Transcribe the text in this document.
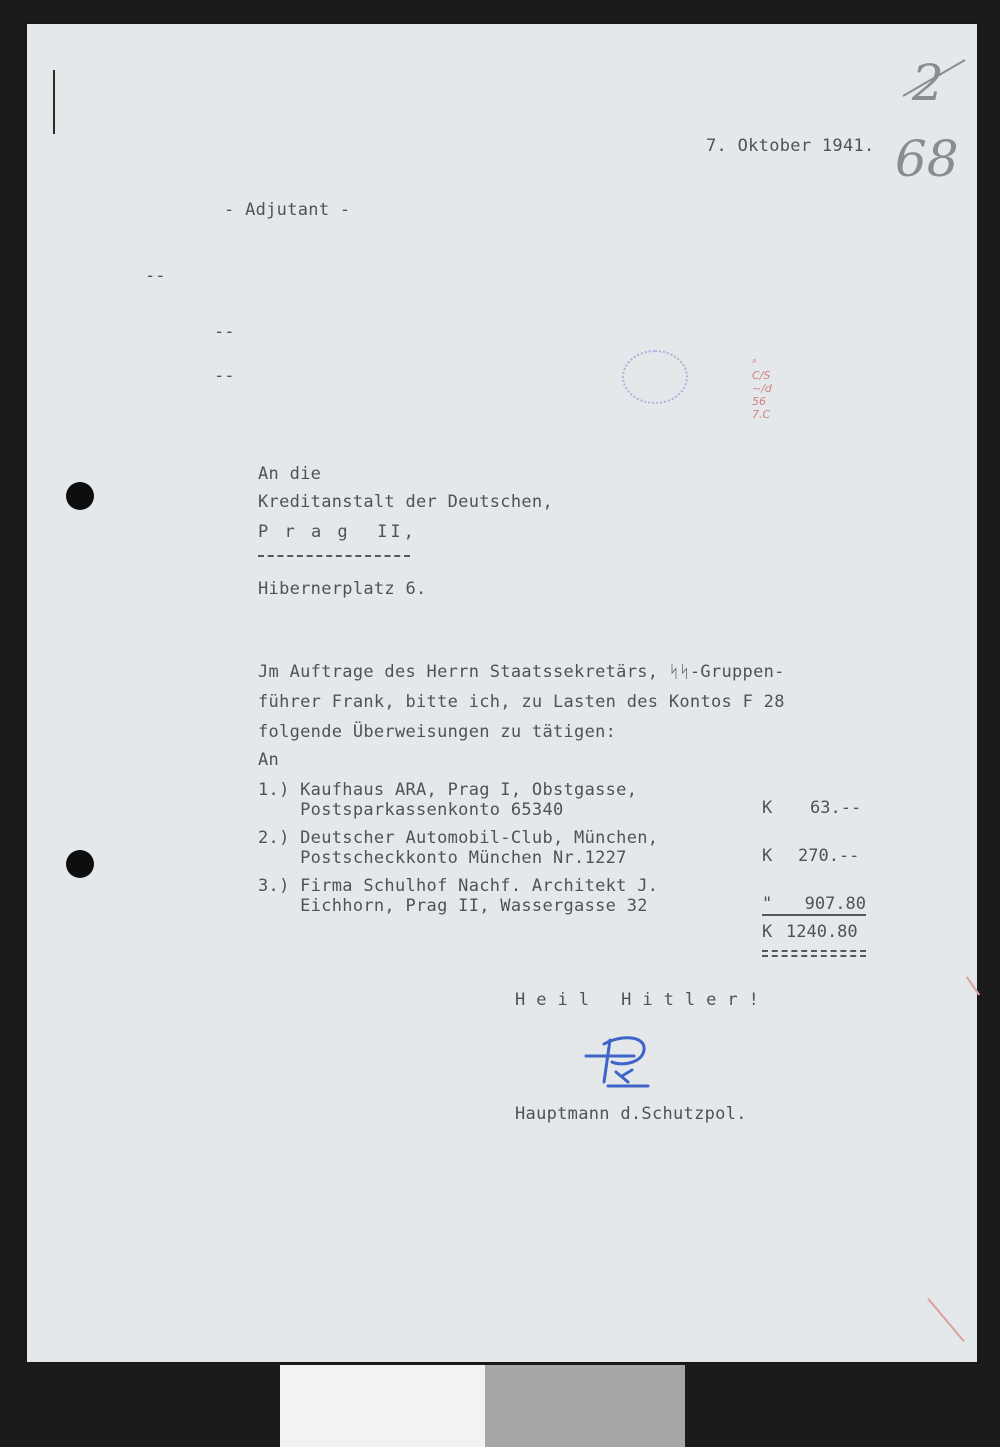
2
68
7. Oktober 1941.
- Adjutant -
--
--
--
ᵃ
C/S
~/d
56
7.C
An die
Kreditanstalt der Deutschen,
P r a g  II,
Hibernerplatz 6.
Jm Auftrage des Herrn Staatssekretärs, ᛋᛋ-Gruppen-
führer Frank, bitte ich, zu Lasten des Kontos F 28
folgende Überweisungen zu tätigen:
An
1.) Kaufhaus ARA, Prag I, Obstgasse,
Postsparkassenkonto 65340	K 63.--
2.) Deutscher Automobil-Club, München,
Postscheckkonto München Nr.1227	K 270.--
3.) Firma Schulhof Nachf. Architekt J.
Eichhorn, Prag II, Wassergasse 32	"	907.80
K 1240.80
Heil Hitler!
Hauptmann d.Schutzpol.
